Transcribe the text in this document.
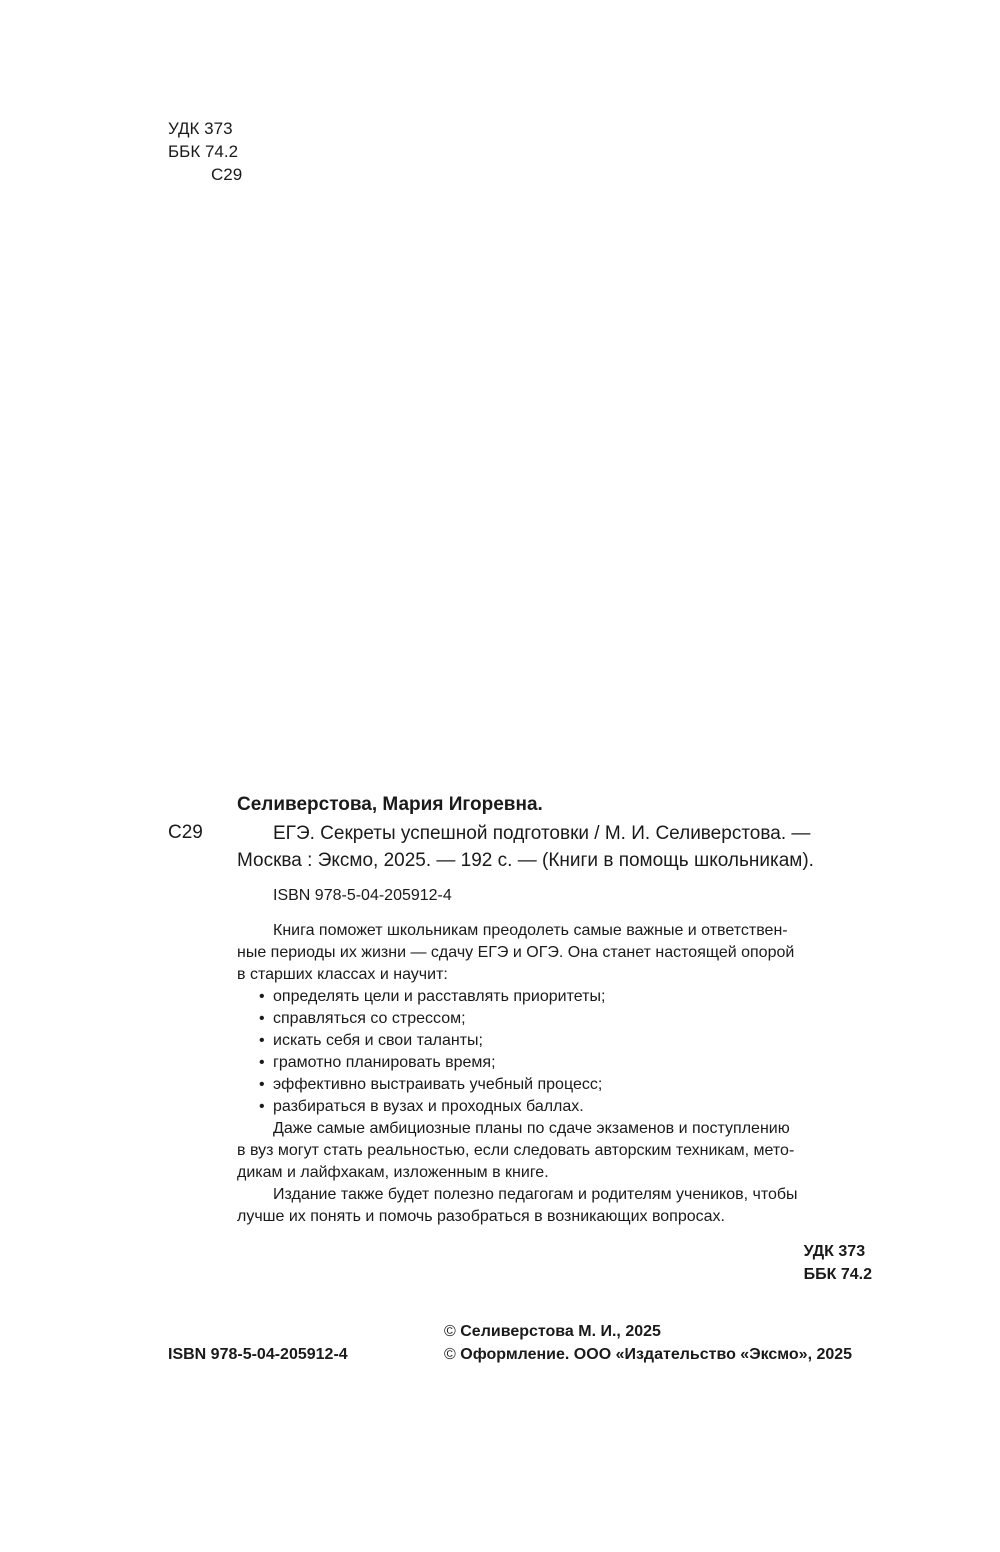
УДК 373
ББК 74.2
С29
Селиверстова, Мария Игоревна.
С29	ЕГЭ. Секреты успешной подготовки / М. И. Селиверстова. —
Москва : Эксмо, 2025. — 192 с. — (Книги в помощь школьникам).
ISBN 978-5-04-205912-4
Книга поможет школьникам преодолеть самые важные и ответствен-
ные периоды их жизни — сдачу ЕГЭ и ОГЭ. Она станет настоящей опорой
в старших классах и научит:
• определять цели и расставлять приоритеты;
• справляться со стрессом;
• искать себя и свои таланты;
• грамотно планировать время;
• эффективно выстраивать учебный процесс;
• разбираться в вузах и проходных баллах.
Даже самые амбициозные планы по сдаче экзаменов и поступлению
в вуз могут стать реальностью, если следовать авторским техникам, мето-
дикам и лайфхакам, изложенным в книге.
Издание также будет полезно педагогам и родителям учеников, чтобы
лучше их понять и помочь разобраться в возникающих вопросах.
УДК 373
ББК 74.2
© Селиверстова М. И., 2025
© Оформление. ООО «Издательство «Эксмо», 2025
ISBN 978-5-04-205912-4
